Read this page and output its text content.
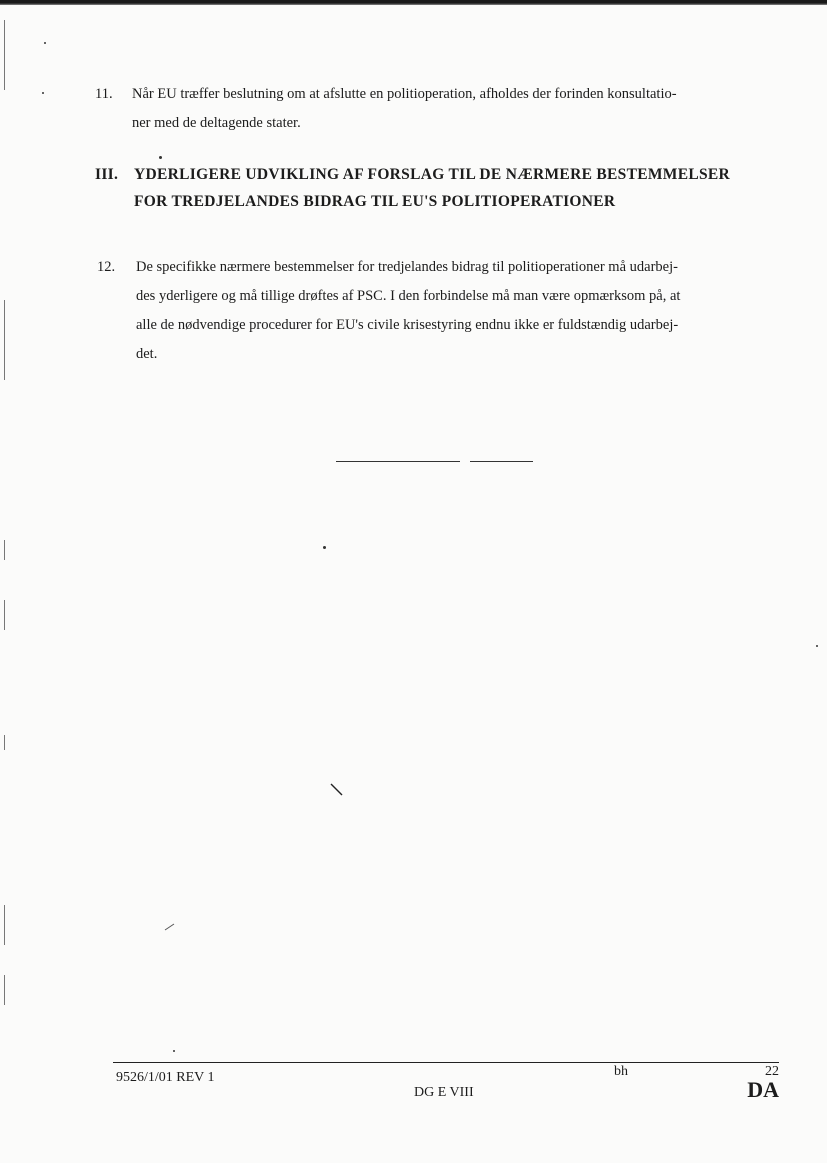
11. Når EU træffer beslutning om at afslutte en politioperation, afholdes der forinden konsultatio-
ner med de deltagende stater.
III. YDERLIGERE UDVIKLING AF FORSLAG TIL DE NÆRMERE BESTEMMELSER
FOR TREDJELANDES BIDRAG TIL EU'S POLITIOPERATIONER
12. De specifikke nærmere bestemmelser for tredjelandes bidrag til politioperationer må udarbej-
des yderligere og må tillige drøftes af PSC. I den forbindelse må man være opmærksom på, at
alle de nødvendige procedurer for EU's civile krisestyring endnu ikke er fuldstændig udarbej-
det.
9526/1/01 REV 1	bh	22
DG E VIII	DA
